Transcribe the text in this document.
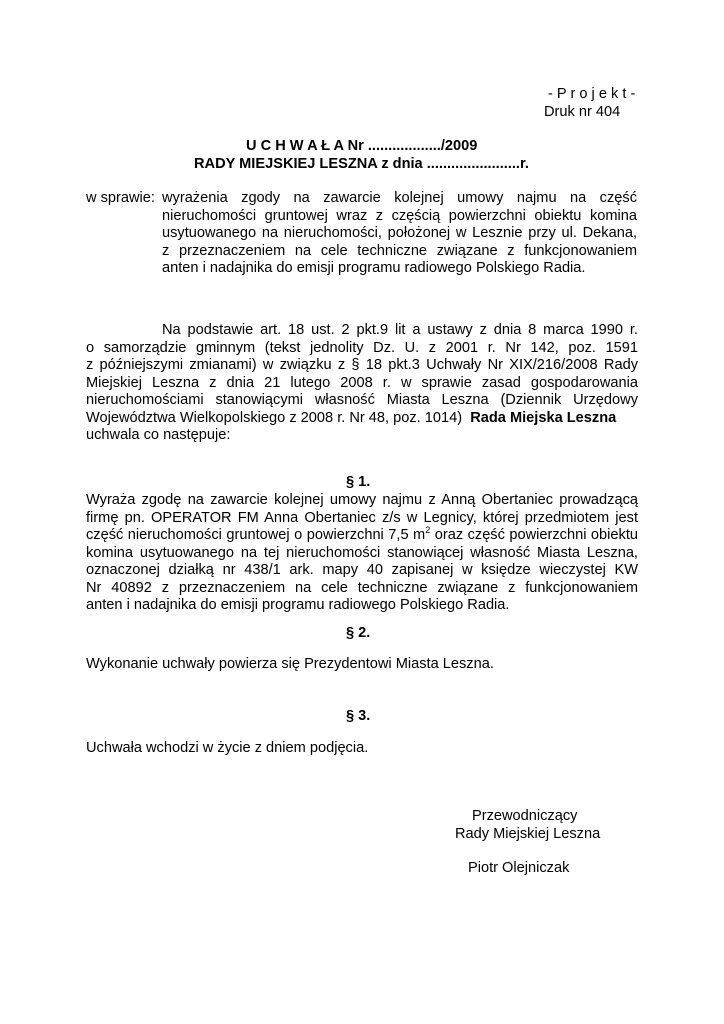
- P r o j e k t -
Druk nr 404
U C H W A Ł A Nr ................../2009
RADY MIEJSKIEJ LESZNA z dnia .......................r.
w sprawie: wyrażenia zgody na zawarcie kolejnej umowy najmu na część
nieruchomości gruntowej wraz z częścią powierzchni obiektu komina
usytuowanego na nieruchomości, położonej w Lesznie przy ul. Dekana,
z przeznaczeniem na cele techniczne związane z funkcjonowaniem
anten i nadajnika do emisji programu radiowego Polskiego Radia.
Na podstawie art. 18 ust. 2 pkt.9 lit a ustawy z dnia 8 marca 1990 r.
o samorządzie gminnym (tekst jednolity Dz. U. z 2001 r. Nr 142, poz. 1591
z późniejszymi zmianami) w związku z § 18 pkt.3 Uchwały Nr XIX/216/2008 Rady
Miejskiej Leszna z dnia 21 lutego 2008 r. w sprawie zasad gospodarowania
nieruchomościami stanowiącymi własność Miasta Leszna (Dziennik Urzędowy
Województwa Wielkopolskiego z 2008 r. Nr 48, poz. 1014) Rada Miejska Leszna
uchwala co następuje:
§ 1.
Wyraża zgodę na zawarcie kolejnej umowy najmu z Anną Obertaniec prowadzącą
firmę pn. OPERATOR FM Anna Obertaniec z/s w Legnicy, której przedmiotem jest
część nieruchomości gruntowej o powierzchni 7,5 $m^2$ oraz część powierzchni obiektu
komina usytuowanego na tej nieruchomości stanowiącej własność Miasta Leszna,
oznaczonej działką nr 438/1 ark. mapy 40 zapisanej w księdze wieczystej KW
Nr 40892 z przeznaczeniem na cele techniczne związane z funkcjonowaniem
anten i nadajnika do emisji programu radiowego Polskiego Radia.
§ 2.
Wykonanie uchwały powierza się Prezydentowi Miasta Leszna.
§ 3.
Uchwała wchodzi w życie z dniem podjęcia.
Przewodniczący
Rady Miejskiej Leszna
Piotr Olejniczak
